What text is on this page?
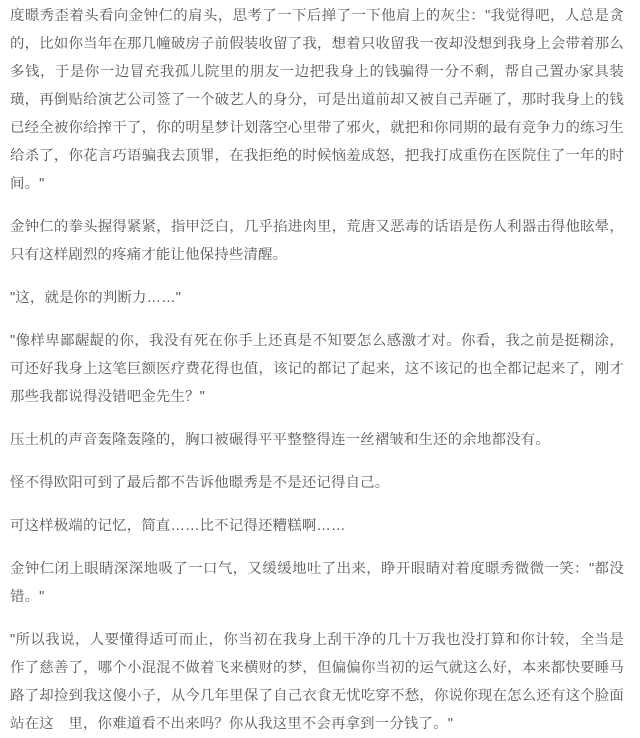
度暻秀歪着头看向金钟仁的肩头，思考了一下后掸了一下他肩上的灰尘："我觉得吧，人总是贪的，比如你当年在那几幢破房子前假装收留了我，想着只收留我一夜却没想到我身上会带着那么多钱，于是你一边冒充我孤儿院里的朋友一边把我身上的钱骗得一分不剩，帮自己置办家具装璜，再倒贴给演艺公司签了一个破艺人的身分，可是出道前却又被自己弄砸了，那时我身上的钱已经全被你给搾干了，你的明星梦计划落空心里带了邪火，就把和你同期的最有竞争力的练习生给杀了，你花言巧语骗我去顶罪，在我拒绝的时候恼羞成怒，把我打成重伤在医院住了一年的时间。"

金钟仁的拳头握得紧紧，指甲泛白，几乎掐进肉里，荒唐又恶毒的话语是伤人利器击得他眩晕，只有这样剧烈的疼痛才能让他保持些清醒。

"这，就是你的判断力……"

"像样卑鄙龌龊的你，我没有死在你手上还真是不知要怎么感激才对。你看，我之前是挺糊涂，可还好我身上这笔巨额医疗费花得也值，该记的都记了起来，这不该记的也全都记起来了，刚才那些我都说得没错吧金先生？"

压土机的声音轰隆轰隆的，胸口被碾得平平整整得连一丝褶皱和生还的余地都没有。

怪不得欧阳可到了最后都不告诉他暻秀是不是还记得自己。

可这样极端的记忆，简直……比不记得还糟糕啊……

金钟仁闭上眼睛深深地吸了一口气，又缓缓地吐了出来，睁开眼睛对着度暻秀微微一笑："都没错。"

"所以我说，人要懂得适可而止，你当初在我身上刮干净的几十万我也没打算和你计较，全当是作了慈善了，哪个小混混不做着飞来横财的梦，但偏偏你当初的运气就这么好，本来都快要睡马路了却捡到我这傻小子，从今几年里保了自己衣食无忧吃穿不愁，你说你现在怎么还有这个脸面站在这　里，你难道看不出来吗？你从我这里不会再拿到一分钱了。"
